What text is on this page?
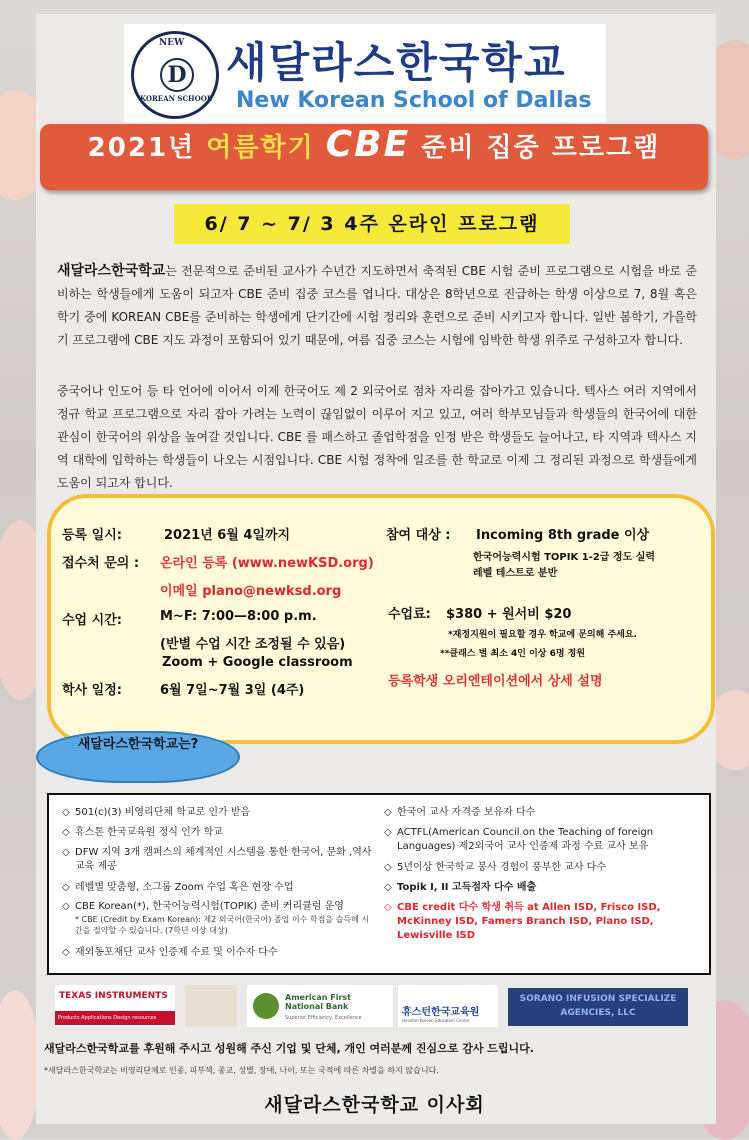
NEW
D
KOREAN SCHOOL
새달라스한국학교
New Korean School of Dallas
2021년 여름학기 CBE 준비 집중 프로그램
6/ 7 ~ 7/ 3 4주 온라인 프로그램
새달라스한국학교는 전문적으로 준비된 교사가 수년간 지도하면서 축적된 CBE 시험 준비 프로그램으로 시험을 바로 준비하는 학생들에게 도움이 되고자 CBE 준비 집중 코스를 엽니다. 대상은 8학년으로 진급하는 학생 이상으로 7, 8월 혹은 학기 중에 KOREAN CBE를 준비하는 학생에게 단기간에 시험 정리와 훈련으로 준비 시키고자 합니다. 일반 봄학기, 가을학기 프로그램에 CBE 지도 과정이 포함되어 있기 때문에, 여름 집중 코스는 시험에 임박한 학생 위주로 구성하고자 합니다.
중국어나 인도어 등 타 언어에 이어서 이제 한국어도 제 2 외국어로 점차 자리를 잡아가고 있습니다. 텍사스 여러 지역에서 정규 학교 프로그램으로 자리 잡아 가려는 노력이 끊임없이 이루어 지고 있고, 여러 학부모님들과 학생들의 한국어에 대한 관심이 한국어의 위상을 높여갈 것입니다. CBE 를 패스하고 졸업학점을 인정 받은 학생들도 늘어나고, 타 지역과 텍사스 지역 대학에 입학하는 학생들이 나오는 시점입니다. CBE 시험 정착에 일조를 한 학교로 이제 그 정리된 과정으로 학생들에게 도움이 되고자 합니다.
등록 일시:	2021년 6월 4일까지
접수처 문의 : 온라인 등록 (www.newKSD.org)
이메일 plano@newksd.org
수업 시간:	M~F: 7:00—8:00 p.m.
(반별 수업 시간 조정될 수 있음)
Zoom + Google classroom
학사 일정:	6월 7일~7월 3일 (4주)
참여 대상 : Incoming 8th grade 이상
한국어능력시험 TOPIK 1-2급 정도 실력
레벨 테스트로 분반
수업료: $380 + 원서비 $20
*재정지원이 필요할 경우 학교에 문의해 주세요.
**클래스 별 최소 4인 이상 6명 정원
등록학생 오리엔테이션에서 상세 설명
새달라스한국학교는?
◇ 501(c)(3) 비영리단체 학교로 인가 받음
◇ 휴스톤 한국교육원 정식 인가 학교
◇ DFW 지역 3개 캠퍼스의 체계적인 시스템을 통한 한국어, 문화 ,역사 교육 제공
◇ 레벨별 맞춤형, 소그룹 Zoom 수업 혹은 현장 수업
◇ CBE Korean(*), 한국어능력시험(TOPIK) 준비 커리큘럼 운영
* CBE (Credit by Exam Korean): 제2 외국어(한국어) 졸업 이수 학점을 습득해 시간을 절약할 수 있습니다. (7학년 이상 대상)
◇ 재외동포재단 교사 인증제 수료 및 이수자 다수
◇ 한국어 교사 자격증 보유자 다수
◇ ACTFL(American Council on the Teaching of foreign Languages) 제2외국어 교사 인증제 과정 수료 교사 보유
◇ 5년이상 한국학교 봉사 경험이 풍부한 교사 다수
◇ Topik I, II 고득점자 다수 배출
◇ CBE credit 다수 학생 취득 at Allen ISD, Frisco ISD, McKinney ISD, Famers Branch ISD, Plano ISD, Lewisville ISD
TEXAS INSTRUMENTS
Products Applications Design resources
American First National Bank
Superior Efficiency, Excellence	휴스턴한국교육원
Houston Korean Education Center
SORANO INFUSION SPECIALIZE AGENCIES, LLC
새달라스한국학교를 후원해 주시고 성원해 주신 기업 및 단체, 개인 여러분께 진심으로 감사 드립니다.
*새달라스한국학교는 비영리단체로 인종, 피부색, 종교, 성별, 장애, 나이, 또는 국적에 따른 차별을 하지 않습니다.
새달라스한국학교 이사회
